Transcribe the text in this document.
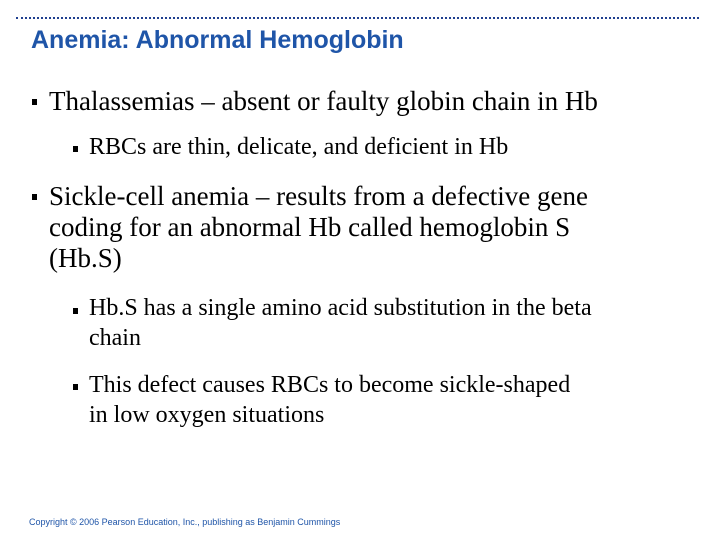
Anemia: Abnormal Hemoglobin
Thalassemias – absent or faulty globin chain in Hb
RBCs are thin, delicate, and deficient in Hb
Sickle-cell anemia – results from a defective gene
coding for an abnormal Hb called hemoglobin S
(Hb.S)
Hb.S has a single amino acid substitution in the beta
chain
This defect causes RBCs to become sickle-shaped
in low oxygen situations
Copyright © 2006 Pearson Education, Inc., publishing as Benjamin Cummings
